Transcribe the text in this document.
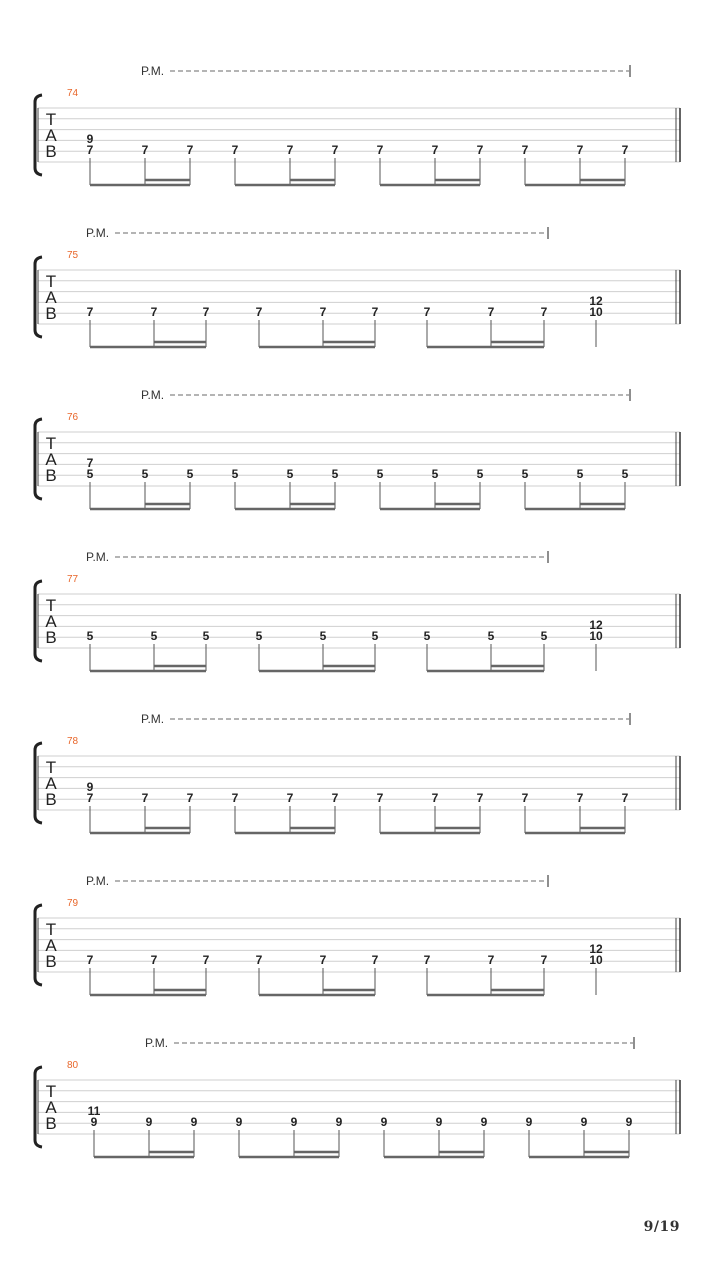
P.M.
74
T
A
B
9
7	7	7	7	7	7	7	7	7	7	7	7
P.M.
75
T
A
B 7	7	7	7	7	7	7	7	7
12
10
P.M.
76
T
A
B
7
5	5	5	5	5	5	5	5	5	5	5	5
P.M.
77
T
A
B 5	5	5	5	5	5	5	5	5
12
10
P.M.
78
T
A
B
9
7	7	7	7	7	7	7	7	7	7	7	7
P.M.
79
T
A
B 7	7	7	7	7	7	7	7	7
12
10
P.M.
80
T
A
B
11
9	9	9	9	9	9	9	9	9	9	9	9
9/19
